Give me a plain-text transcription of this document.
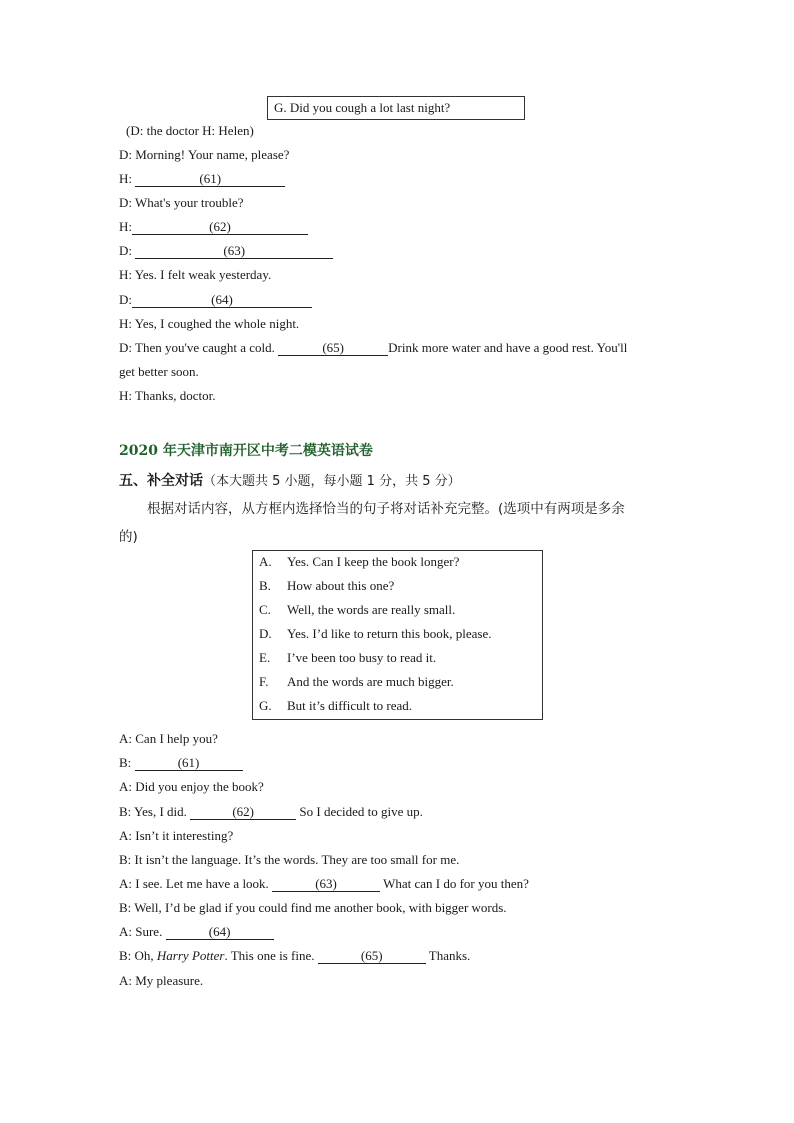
G. Did you cough a lot last night?
(D: the doctor H: Helen)
D: Morning! Your name, please?
H:	(61)
D: What's your trouble?
H:	(62)
D:	(63)
H: Yes. I felt weak yesterday.
D:	(64)
H: Yes, I coughed the whole night.
D: Then you've caught a cold.	(65)	Drink more water and have a good rest. You'll
get better soon.
H: Thanks, doctor.
2020 年天津市南开区中考二模英语试卷
五、补全对话（本大题共 5 小题，每小题 1 分，共 5 分）
根据对话内容，从方框内选择恰当的句子将对话补充完整。(选项中有两项是多余
的)
A. Yes. Can I keep the book longer?
B. How about this one?
C. Well, the words are really small.
D. Yes. I’d like to return this book, please.
E. I’ve been too busy to read it.
F. And the words are much bigger.
G. But it’s difficult to read.
A: Can I help you?
B:	(61)
A: Did you enjoy the book?
B: Yes, I did.	(62)	So I decided to give up.
A: Isn’t it interesting?
B: It isn’t the language. It’s the words. They are too small for me.
A: I see. Let me have a look.	(63)	What can I do for you then?
B: Well, I’d be glad if you could find me another book, with bigger words.
A: Sure.	(64)
B: Oh, Harry Potter. This one is fine.	(65)	Thanks.
A: My pleasure.
